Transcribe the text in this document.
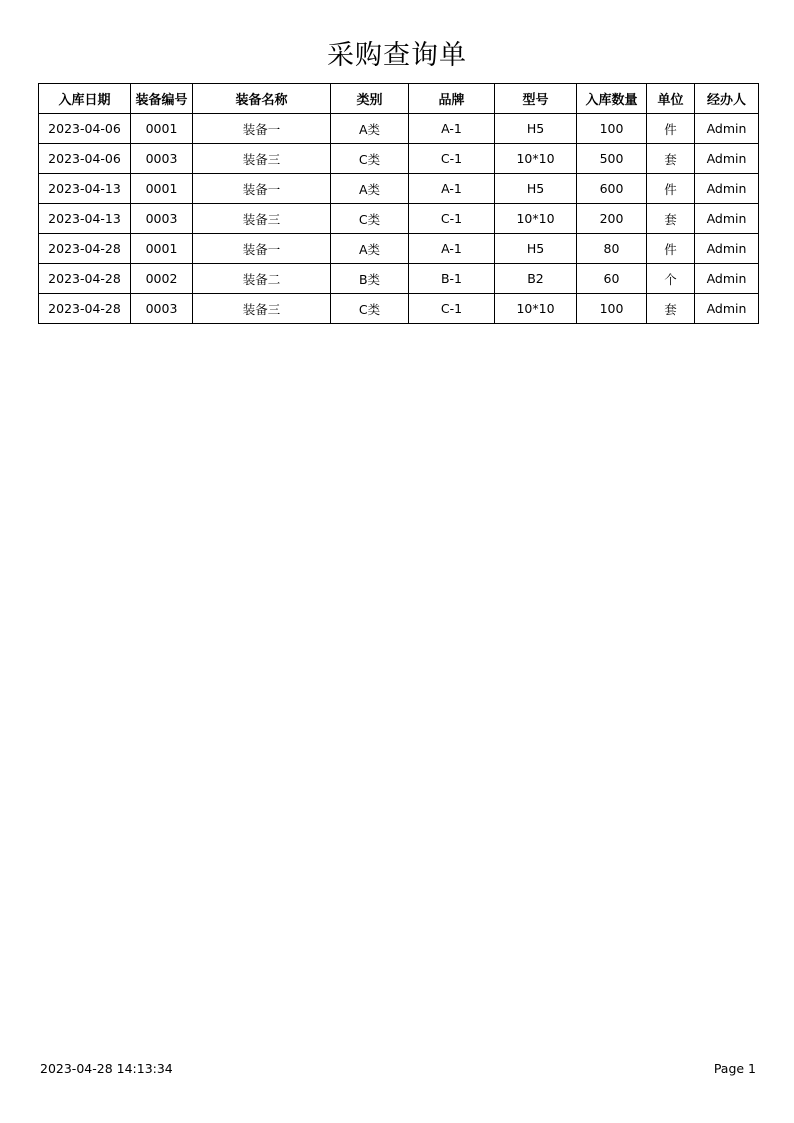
采购查询单
入库日期	装备编号	装备名称	类别	品牌	型号	入库数量	单位	经办人
2023-04-06	0001	装备一	A类	A-1	H5	100	件	Admin
2023-04-06	0003	装备三	C类	C-1	10*10	500	套	Admin
2023-04-13	0001	装备一	A类	A-1	H5	600	件	Admin
2023-04-13	0003	装备三	C类	C-1	10*10	200	套	Admin
2023-04-28	0001	装备一	A类	A-1	H5	80	件	Admin
2023-04-28	0002	装备二	B类	B-1	B2	60	个	Admin
2023-04-28	0003	装备三	C类	C-1	10*10	100	套	Admin
2023-04-28 14:13:34	Page 1
